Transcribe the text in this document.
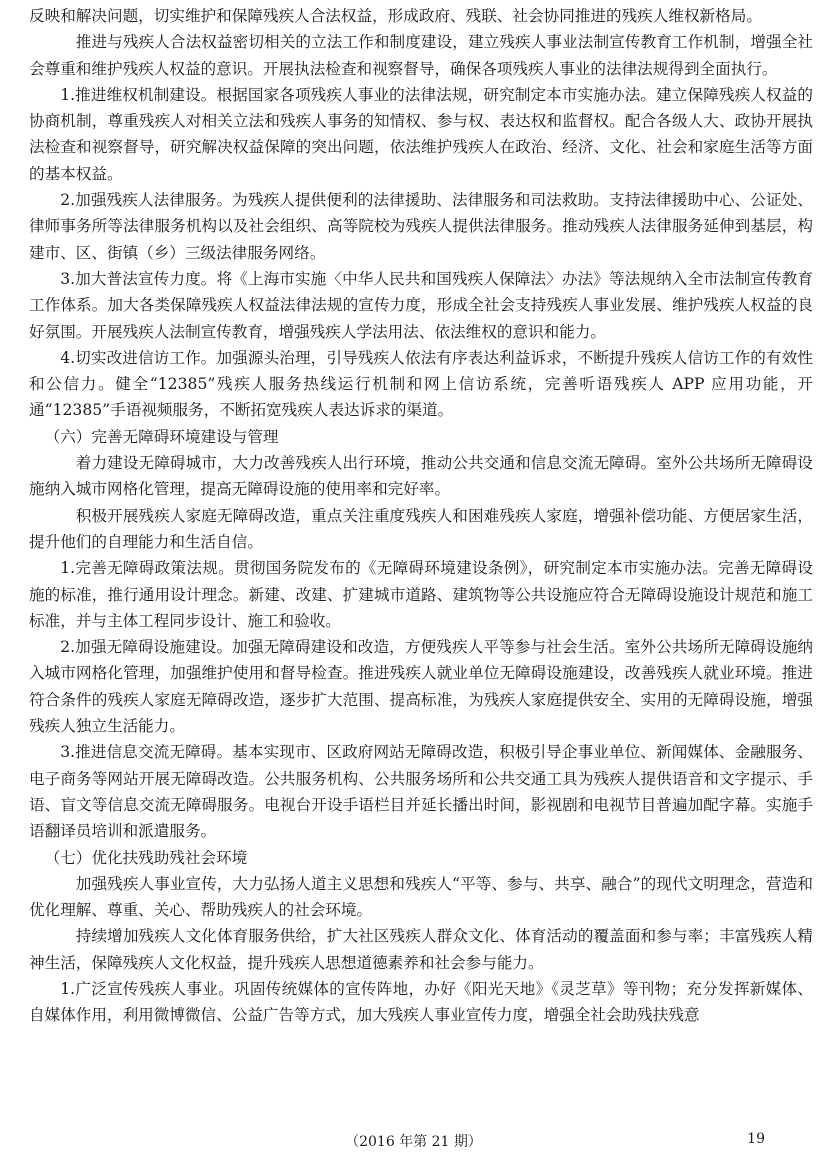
反映和解决问题，切实维护和保障残疾人合法权益，形成政府、残联、社会协同推进的残疾人维权新格局。

推进与残疾人合法权益密切相关的立法工作和制度建设，建立残疾人事业法制宣传教育工作机制，增强全社会尊重和维护残疾人权益的意识。开展执法检查和视察督导，确保各项残疾人事业的法律法规得到全面执行。

1.推进维权机制建设。根据国家各项残疾人事业的法律法规，研究制定本市实施办法。建立保障残疾人权益的协商机制，尊重残疾人对相关立法和残疾人事务的知情权、参与权、表达权和监督权。配合各级人大、政协开展执法检查和视察督导，研究解决权益保障的突出问题，依法维护残疾人在政治、经济、文化、社会和家庭生活等方面的基本权益。

2.加强残疾人法律服务。为残疾人提供便利的法律援助、法律服务和司法救助。支持法律援助中心、公证处、律师事务所等法律服务机构以及社会组织、高等院校为残疾人提供法律服务。推动残疾人法律服务延伸到基层，构建市、区、街镇（乡）三级法律服务网络。

3.加大普法宣传力度。将《上海市实施〈中华人民共和国残疾人保障法〉办法》等法规纳入全市法制宣传教育工作体系。加大各类保障残疾人权益法律法规的宣传力度，形成全社会支持残疾人事业发展、维护残疾人权益的良好氛围。开展残疾人法制宣传教育，增强残疾人学法用法、依法维权的意识和能力。

4.切实改进信访工作。加强源头治理，引导残疾人依法有序表达利益诉求，不断提升残疾人信访工作的有效性和公信力。健全“12385”残疾人服务热线运行机制和网上信访系统，完善听语残疾人 APP 应用功能，开通“12385”手语视频服务，不断拓宽残疾人表达诉求的渠道。

（六）完善无障碍环境建设与管理

着力建设无障碍城市，大力改善残疾人出行环境，推动公共交通和信息交流无障碍。室外公共场所无障碍设施纳入城市网格化管理，提高无障碍设施的使用率和完好率。

积极开展残疾人家庭无障碍改造，重点关注重度残疾人和困难残疾人家庭，增强补偿功能、方便居家生活，提升他们的自理能力和生活自信。

1.完善无障碍政策法规。贯彻国务院发布的《无障碍环境建设条例》，研究制定本市实施办法。完善无障碍设施的标准，推行通用设计理念。新建、改建、扩建城市道路、建筑物等公共设施应符合无障碍设施设计规范和施工标准，并与主体工程同步设计、施工和验收。

2.加强无障碍设施建设。加强无障碍建设和改造，方便残疾人平等参与社会生活。室外公共场所无障碍设施纳入城市网格化管理，加强维护使用和督导检查。推进残疾人就业单位无障碍设施建设，改善残疾人就业环境。推进符合条件的残疾人家庭无障碍改造，逐步扩大范围、提高标准，为残疾人家庭提供安全、实用的无障碍设施，增强残疾人独立生活能力。

3.推进信息交流无障碍。基本实现市、区政府网站无障碍改造，积极引导企事业单位、新闻媒体、金融服务、电子商务等网站开展无障碍改造。公共服务机构、公共服务场所和公共交通工具为残疾人提供语音和文字提示、手语、盲文等信息交流无障碍服务。电视台开设手语栏目并延长播出时间，影视剧和电视节目普遍加配字幕。实施手语翻译员培训和派遣服务。

（七）优化扶残助残社会环境

加强残疾人事业宣传，大力弘扬人道主义思想和残疾人“平等、参与、共享、融合”的现代文明理念，营造和优化理解、尊重、关心、帮助残疾人的社会环境。

持续增加残疾人文化体育服务供给，扩大社区残疾人群众文化、体育活动的覆盖面和参与率；丰富残疾人精神生活，保障残疾人文化权益，提升残疾人思想道德素养和社会参与能力。

1.广泛宣传残疾人事业。巩固传统媒体的宣传阵地，办好《阳光天地》《灵芝草》等刊物；充分发挥新媒体、自媒体作用，利用微博微信、公益广告等方式，加大残疾人事业宣传力度，增强全社会助残扶残意

（2016 年第 21 期）	19
